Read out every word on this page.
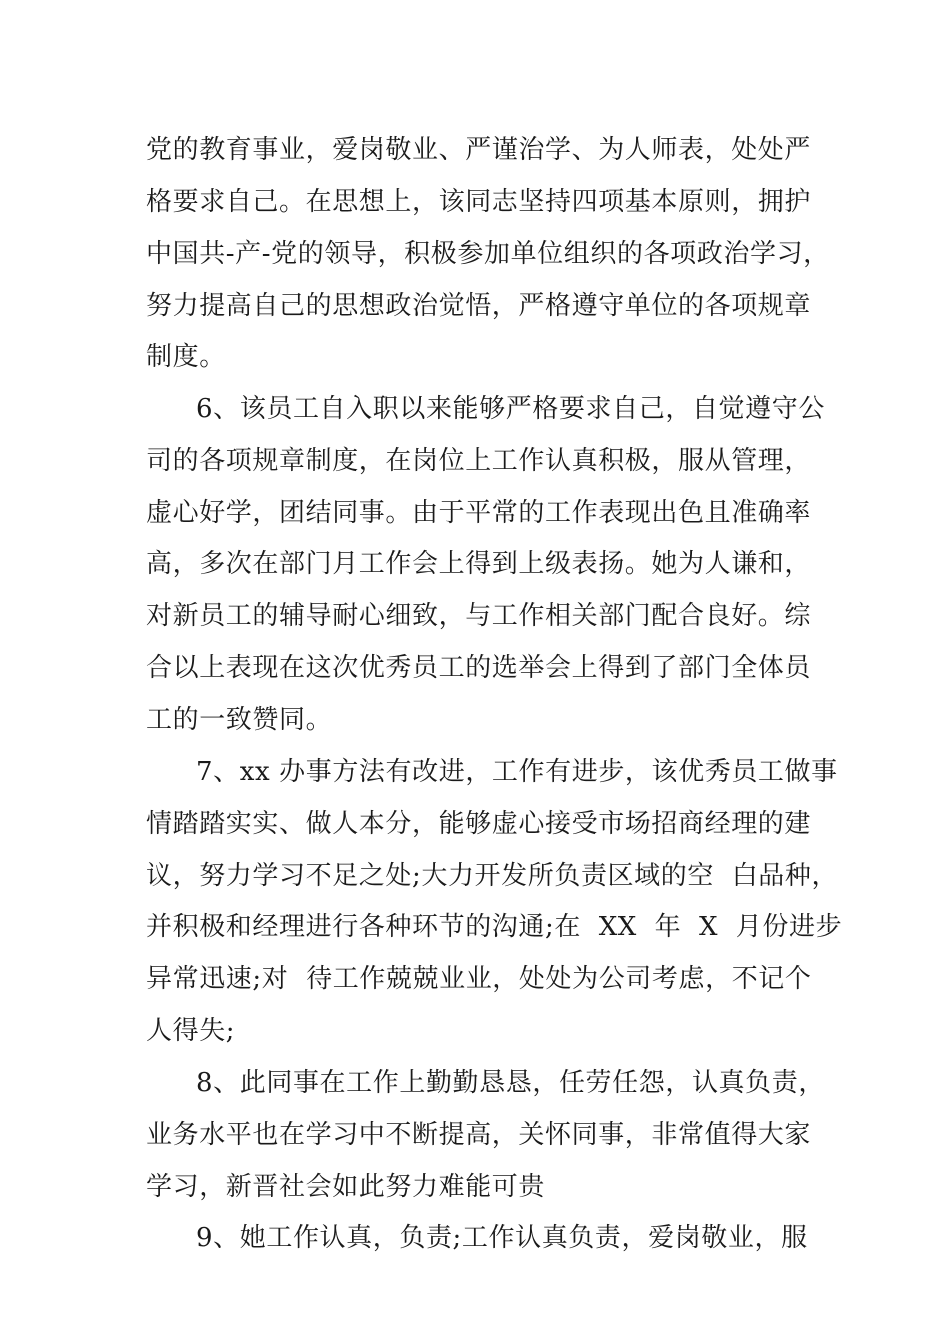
党的教育事业，爱岗敬业、严谨治学、为人师表，处处严
格要求自己。在思想上，该同志坚持四项基本原则，拥护
中国共-产-党的领导，积极参加单位组织的各项政治学习，
努力提高自己的思想政治觉悟，严格遵守单位的各项规章
制度。
6、该员工自入职以来能够严格要求自己，自觉遵守公
司的各项规章制度，在岗位上工作认真积极，服从管理，
虚心好学，团结同事。由于平常的工作表现出色且准确率
高，多次在部门月工作会上得到上级表扬。她为人谦和，
对新员工的辅导耐心细致，与工作相关部门配合良好。综
合以上表现在这次优秀员工的选举会上得到了部门全体员
工的一致赞同。
7、xx 办事方法有改进，工作有进步，该优秀员工做事
情踏踏实实、做人本分，能够虚心接受市场招商经理的建
议，努力学习不足之处;大力开发所负责区域的空  白品种，
并积极和经理进行各种环节的沟通;在  XX  年  X  月份进步
异常迅速;对  待工作兢兢业业，处处为公司考虑，不记个
人得失;
8、此同事在工作上勤勤恳恳，任劳任怨，认真负责，
业务水平也在学习中不断提高，关怀同事，非常值得大家
学习，新晋社会如此努力难能可贵
9、她工作认真，负责;工作认真负责，爱岗敬业，服
